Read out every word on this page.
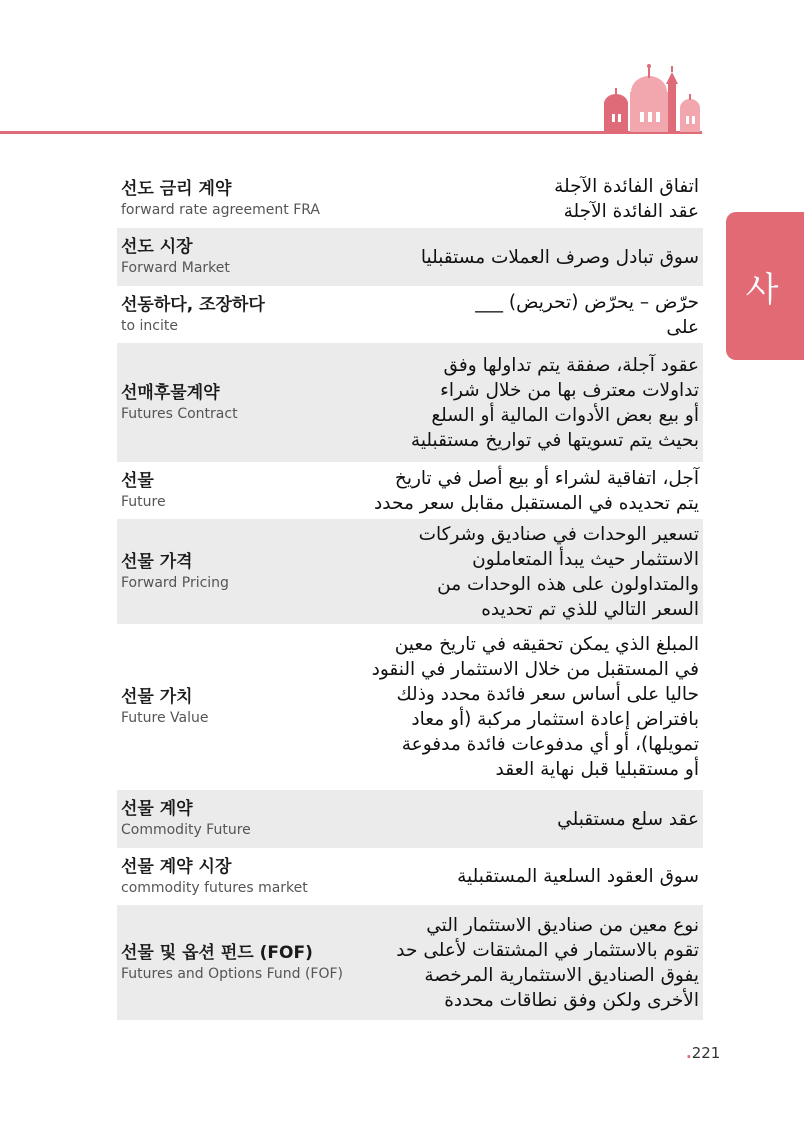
사
선도 금리 계약
forward rate agreement FRA
اتفاق الفائدة الآجلة
عقد الفائدة الآجلة
선도 시장
Forward Market
سوق تبادل وصرف العملات مستقبليا
선동하다, 조장하다
to incite
حرّض – يحرّض (تحريض) ___
على
선매후물계약
Futures Contract
عقود آجلة، صفقة يتم تداولها وفق
تداولات معترف بها من خلال شراء
أو بيع بعض الأدوات المالية أو السلع
بحيث يتم تسويتها في تواريخ مستقبلية
선물
Future
آجل، اتفاقية لشراء أو بيع أصل في تاريخ
يتم تحديده في المستقبل مقابل سعر محدد
선물 가격
Forward Pricing
تسعير الوحدات في صناديق وشركات
الاستثمار حيث يبدأ المتعاملون
والمتداولون على هذه الوحدات من
السعر التالي للذي تم تحديده
선물 가치
Future Value
المبلغ الذي يمكن تحقيقه في تاريخ معين
في المستقبل من خلال الاستثمار في النقود
حاليا على أساس سعر فائدة محدد وذلك
بافتراض إعادة استثمار مركبة (أو معاد
تمويلها)، أو أي مدفوعات فائدة مدفوعة
أو مستقبليا قبل نهاية العقد
선물 계약
Commodity Future
عقد سلع مستقبلي
선물 계약 시장
commodity futures market
سوق العقود السلعية المستقبلية
선물 및 옵션 펀드 (FOF)
Futures and Options Fund (FOF)
نوع معين من صناديق الاستثمار التي
تقوم بالاستثمار في المشتقات لأعلى حد
يفوق الصناديق الاستثمارية المرخصة
الأخرى ولكن وفق نطاقات محددة
.221
